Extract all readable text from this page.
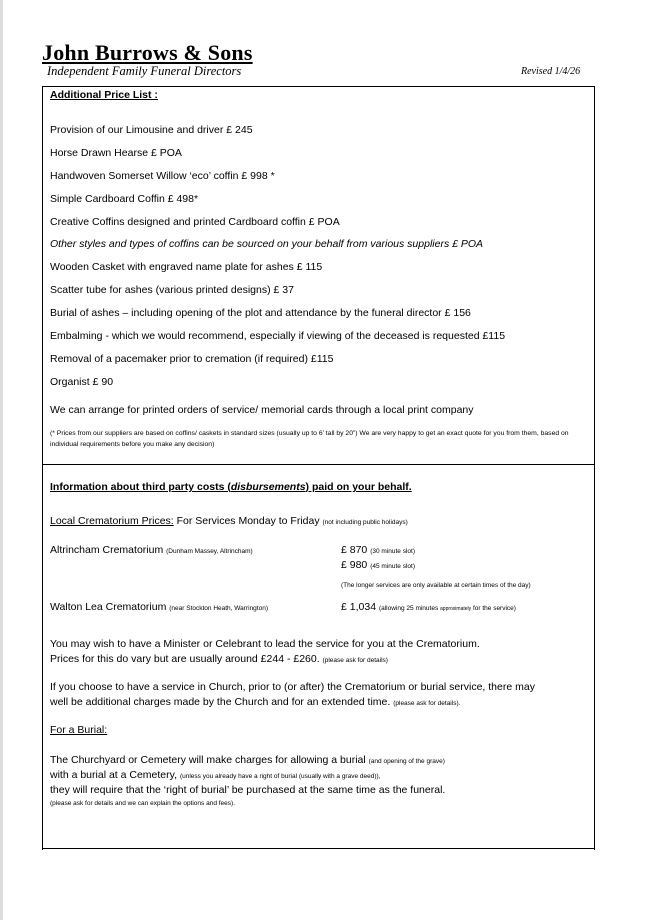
John Burrows & Sons
Independent Family Funeral Directors	Revised 1/4/26
Additional Price List :
Provision of our Limousine and driver £ 245
Horse Drawn Hearse £ POA
Handwoven Somerset Willow ‘eco’ coffin £ 998 *
Simple Cardboard Coffin £ 498*
Creative Coffins designed and printed Cardboard coffin £ POA
Other styles and types of coffins can be sourced on your behalf from various suppliers £ POA
Wooden Casket with engraved name plate for ashes £ 115
Scatter tube for ashes (various printed designs) £ 37
Burial of ashes – including opening of the plot and attendance by the funeral director £ 156
Embalming - which we would recommend, especially if viewing of the deceased is requested £115
Removal of a pacemaker prior to cremation (if required) £115
Organist £ 90
We can arrange for printed orders of service/ memorial cards through a local print company
(* Prices from our suppliers are based on coffins/ caskets in standard sizes (usually up to 6’ tall by 20”) We are very happy to get an exact quote for you from them, based on individual requirements before you make any decision)
Information about third party costs (disbursements) paid on your behalf.
Local Crematorium Prices: For Services Monday to Friday (not including public holidays)
Altrincham Crematorium (Dunham Massey, Altrincham)	£ 870 (30 minute slot)
£ 980 (45 minute slot)
(The longer services are only available at certain times of the day)
Walton Lea Crematorium (near Stockton Heath, Warrington)	£ 1,034 (allowing 25 minutes approximately for the service)
You may wish to have a Minister or Celebrant to lead the service for you at the Crematorium.
Prices for this do vary but are usually around £244 - £260. (please ask for details)
If you choose to have a service in Church, prior to (or after) the Crematorium or burial service, there may
well be additional charges made by the Church and for an extended time. (please ask for details).
For a Burial:
The Churchyard or Cemetery will make charges for allowing a burial (and opening of the grave)
with a burial at a Cemetery, (unless you already have a right of burial (usually with a grave deed)),
they will require that the ‘right of burial’ be purchased at the same time as the funeral.
(please ask for details and we can explain the options and fees).
